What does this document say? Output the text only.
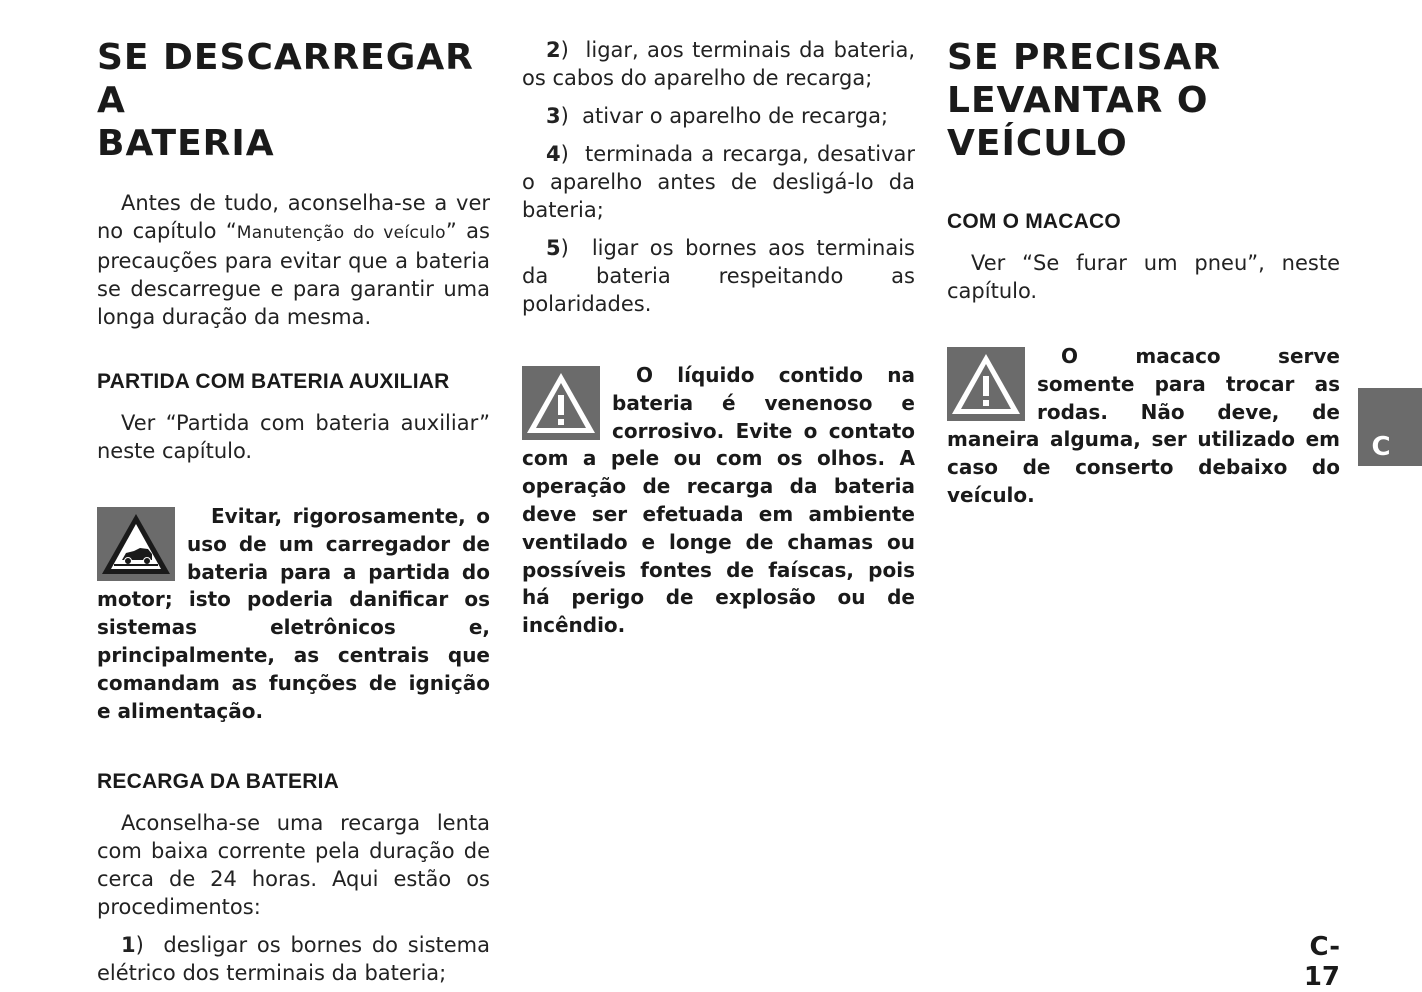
SE DESCARREGAR A
BATERIA

Antes de tudo, aconselha-se a ver no capítulo “Manutenção do veículo” as precauções para evitar que a bateria se descarregue e para garantir uma longa duração da mesma.

PARTIDA COM BATERIA AUXILIAR

Ver “Partida com bateria auxiliar” neste capítulo.

Evitar, rigorosamente, o uso de um carregador de bateria para a partida do motor; isto poderia danificar os sistemas eletrônicos e, principalmente, as centrais que comandam as funções de ignição e alimentação.

RECARGA DA BATERIA

Aconselha-se uma recarga lenta com baixa corrente pela duração de cerca de 24 horas. Aqui estão os procedimentos:

1)  desligar os bornes do sistema elétrico dos terminais da bateria;

2)  ligar, aos terminais da bateria, os cabos do aparelho de recarga;

3)  ativar o aparelho de recarga;

4)  terminada a recarga, desativar o aparelho antes de desligá-lo da bateria;

5)  ligar os bornes aos terminais da bateria respeitando as polaridades.

O líquido contido na bateria é venenoso e corrosivo. Evite o contato com a pele ou com os olhos. A operação de recarga da bateria deve ser efetuada em ambiente ventilado e longe de chamas ou possíveis fontes de faíscas, pois há perigo de explosão ou de incêndio.

SE PRECISAR
LEVANTAR O
VEÍCULO
COM O MACACO

Ver “Se furar um pneu”, neste capítulo.

O macaco serve somente para trocar as rodas. Não deve, de maneira alguma, ser utilizado em caso de conserto debaixo do veículo.

C
C-17
